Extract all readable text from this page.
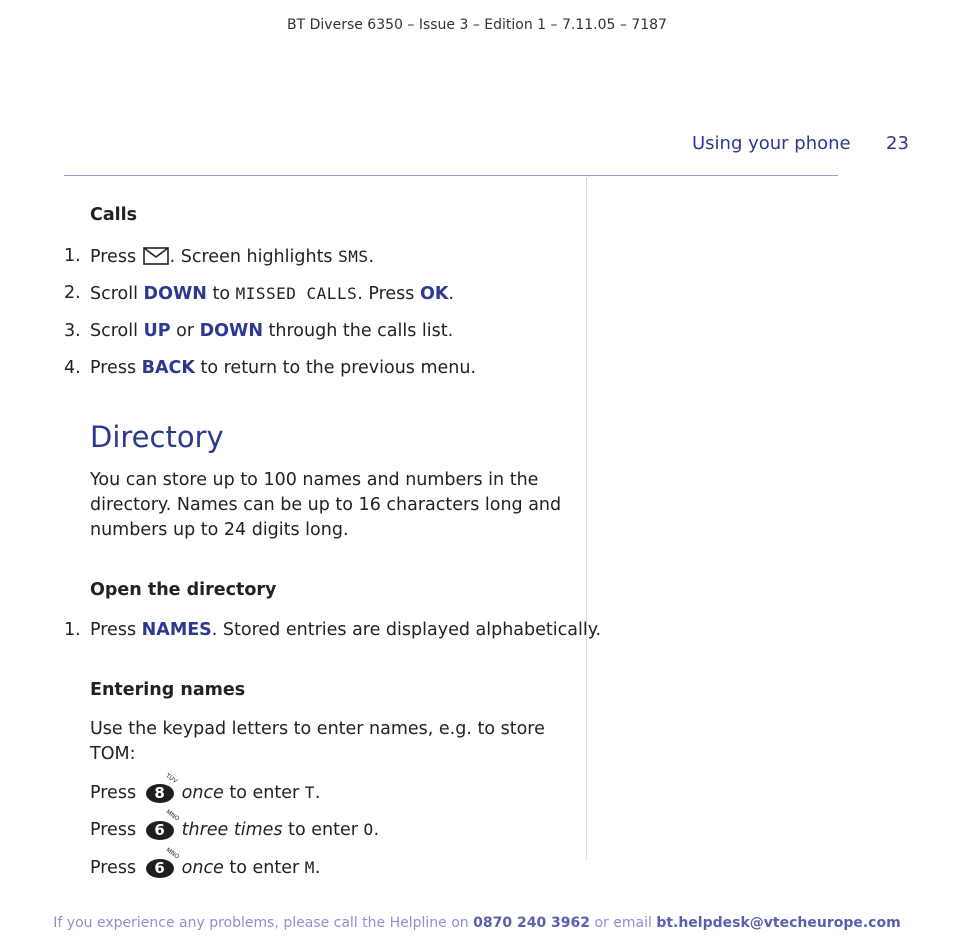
BT Diverse 6350 – Issue 3 – Edition 1 – 7.11.05 – 7187
Using your phone 23
Calls
1. Press . Screen highlights SMS.
2. Scroll DOWN to MISSED CALLS. Press OK.
3. Scroll UP or DOWN through the calls list.
4. Press BACK to return to the previous menu.
Directory
You can store up to 100 names and numbers in the
directory. Names can be up to 16 characters long and
numbers up to 24 digits long.
Open the directory
1. Press NAMES. Stored entries are displayed alphabetically.
Entering names
Use the keypad letters to enter names, e.g. to store
TOM:
Press
TUV
8 once to enter T.
Press
MNO
6 three times to enter O.
Press
MNO
6 once to enter M.
If you experience any problems, please call the Helpline on 0870 240 3962 or email bt.helpdesk@vtecheurope.com
